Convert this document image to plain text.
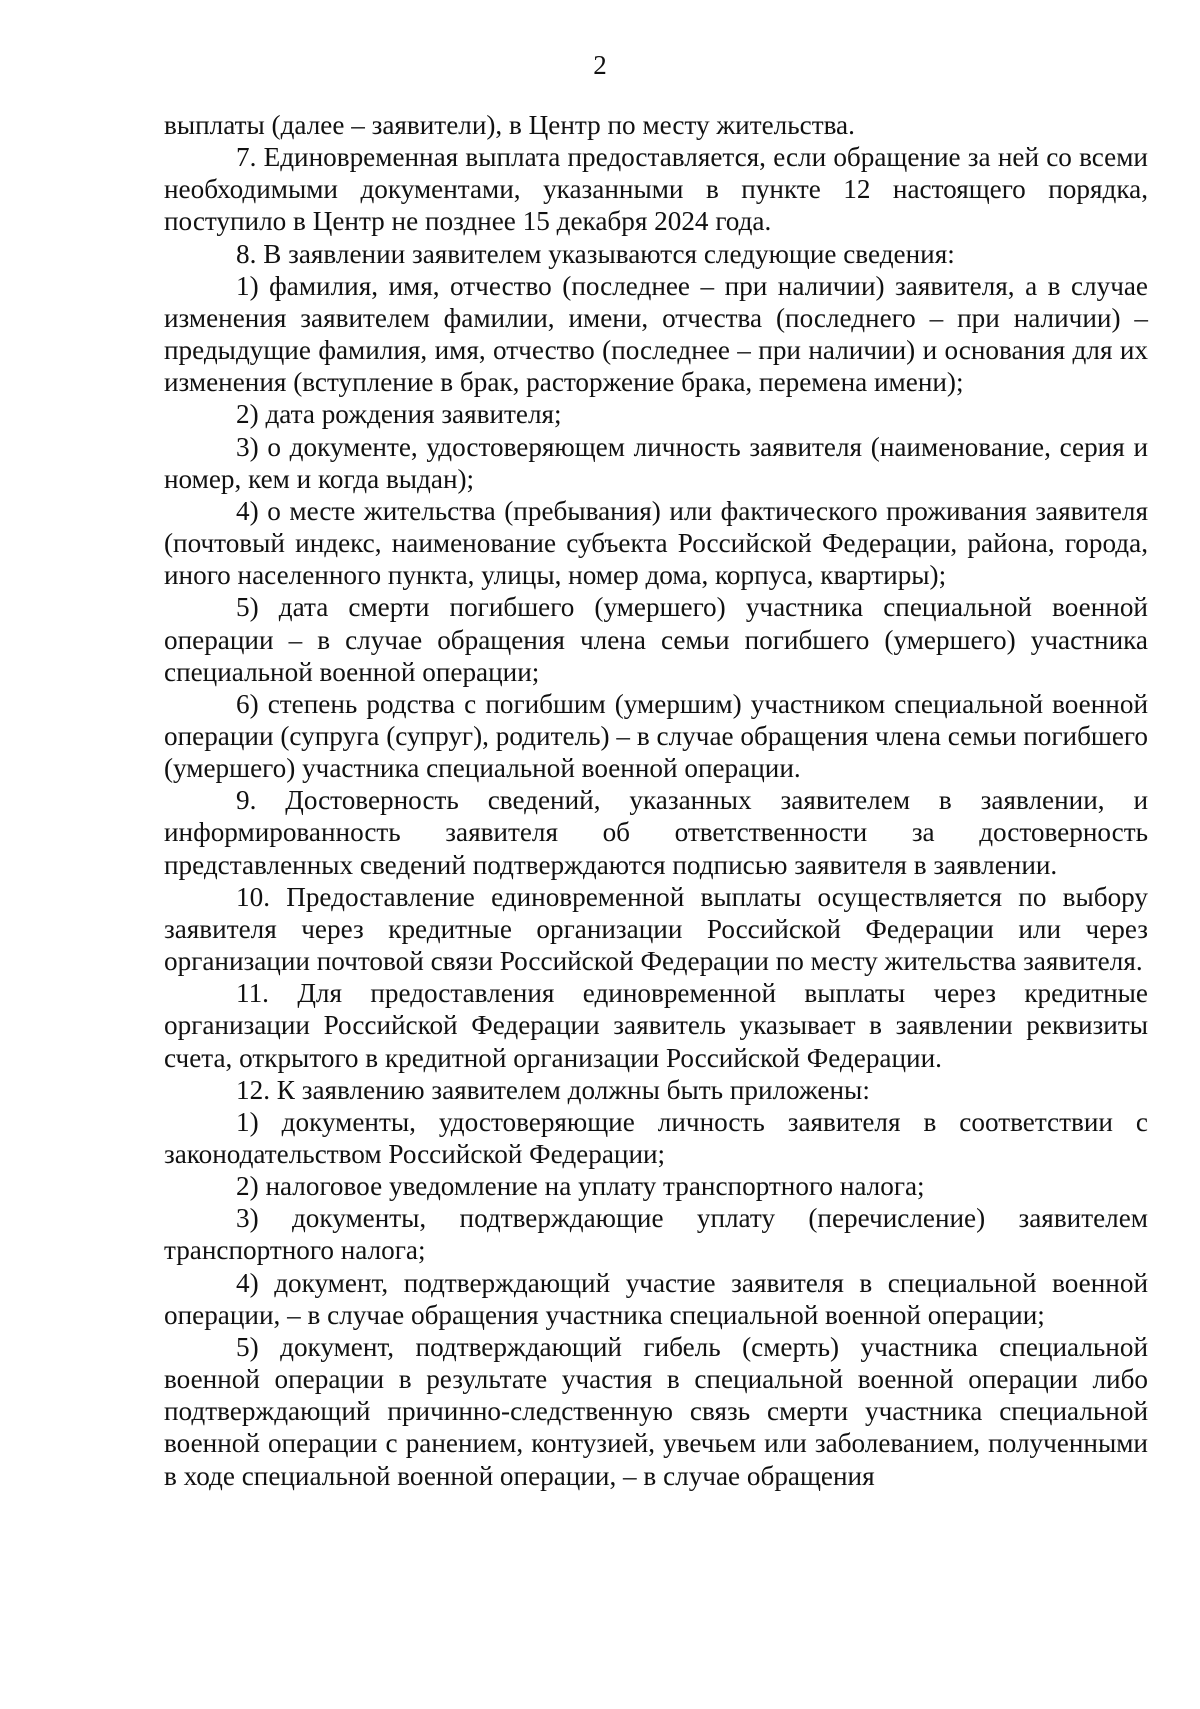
2

выплаты (далее – заявители), в Центр по месту жительства.

7. Единовременная выплата предоставляется, если обращение за ней со всеми необходимыми документами, указанными в пункте 12 настоящего порядка, поступило в Центр не позднее 15 декабря 2024 года.

8. В заявлении заявителем указываются следующие сведения:

1) фамилия, имя, отчество (последнее – при наличии) заявителя, а в случае изменения заявителем фамилии, имени, отчества (последнего – при наличии) – предыдущие фамилия, имя, отчество (последнее – при наличии) и основания для их изменения (вступление в брак, расторжение брака, перемена имени);

2) дата рождения заявителя;

3) о документе, удостоверяющем личность заявителя (наименование, серия и номер, кем и когда выдан);

4) о месте жительства (пребывания) или фактического проживания заявителя (почтовый индекс, наименование субъекта Российской Федерации, района, города, иного населенного пункта, улицы, номер дома, корпуса, квартиры);

5) дата смерти погибшего (умершего) участника специальной военной операции – в случае обращения члена семьи погибшего (умершего) участника специальной военной операции;

6) степень родства с погибшим (умершим) участником специальной военной операции (супруга (супруг), родитель) – в случае обращения члена семьи погибшего (умершего) участника специальной военной операции.

9. Достоверность сведений, указанных заявителем в заявлении, и информированность заявителя об ответственности за достоверность представленных сведений подтверждаются подписью заявителя в заявлении.

10. Предоставление единовременной выплаты осуществляется по выбору заявителя через кредитные организации Российской Федерации или через организации почтовой связи Российской Федерации по месту жительства заявителя.

11. Для предоставления единовременной выплаты через кредитные организации Российской Федерации заявитель указывает в заявлении реквизиты счета, открытого в кредитной организации Российской Федерации.

12. К заявлению заявителем должны быть приложены:

1) документы, удостоверяющие личность заявителя в соответствии с законодательством Российской Федерации;

2) налоговое уведомление на уплату транспортного налога;

3) документы, подтверждающие уплату (перечисление) заявителем транспортного налога;

4) документ, подтверждающий участие заявителя в специальной военной операции, – в случае обращения участника специальной военной операции;

5) документ, подтверждающий гибель (смерть) участника специальной военной операции в результате участия в специальной военной операции либо подтверждающий причинно-следственную связь смерти участника специальной военной операции с ранением, контузией, увечьем или заболеванием, полученными в ходе специальной военной операции, – в случае обращения
